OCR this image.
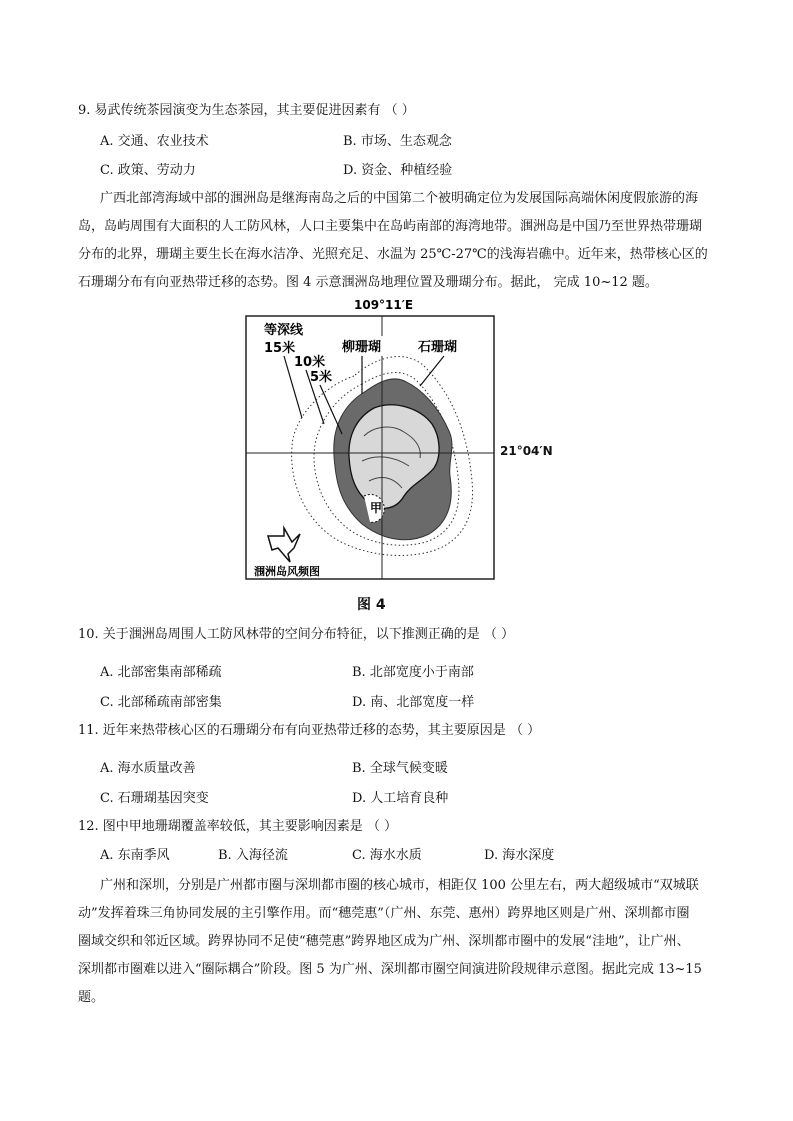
9. 易武传统茶园演变为生态茶园，其主要促进因素有 （ ）
A. 交通、农业技术	B. 市场、生态观念
C. 政策、劳动力	D. 资金、种植经验
广西北部湾海域中部的涠洲岛是继海南岛之后的中国第二个被明确定位为发展国际高端休闲度假旅游的海
岛，岛屿周围有大面积的人工防风林，人口主要集中在岛屿南部的海湾地带。涠洲岛是中国乃至世界热带珊瑚
分布的北界，珊瑚主要生长在海水洁净、光照充足、水温为 25℃-27℃的浅海岩礁中。近年来，热带核心区的
石珊瑚分布有向亚热带迁移的态势。图 4 示意涠洲岛地理位置及珊瑚分布。据此， 完成 10~12 题。
109°11′E
柳珊瑚	石珊瑚
等深线
15米
10米
5米
甲
涠洲岛风频图
21°04′N
图 4
10. 关于涠洲岛周围人工防风林带的空间分布特征，以下推测正确的是 （ ）
A. 北部密集南部稀疏	B. 北部宽度小于南部
C. 北部稀疏南部密集	D. 南、北部宽度一样
11. 近年来热带核心区的石珊瑚分布有向亚热带迁移的态势，其主要原因是 （ ）
A. 海水质量改善	B. 全球气候变暖
C. 石珊瑚基因突变	D. 人工培育良种
12. 图中甲地珊瑚覆盖率较低，其主要影响因素是 （ ）
A. 东南季风	B. 入海径流	C. 海水水质	D. 海水深度
广州和深圳，分别是广州都市圈与深圳都市圈的核心城市，相距仅 100 公里左右，两大超级城市“双城联
动”发挥着珠三角协同发展的主引擎作用。而“穗莞惠”（广州、东莞、惠州）跨界地区则是广州、深圳都市圈
圈域交织和邻近区域。跨界协同不足使“穗莞惠”跨界地区成为广州、深圳都市圈中的发展“洼地”，让广州、
深圳都市圈难以进入“圈际耦合”阶段。图 5 为广州、深圳都市圈空间演进阶段规律示意图。据此完成 13~15
题。
